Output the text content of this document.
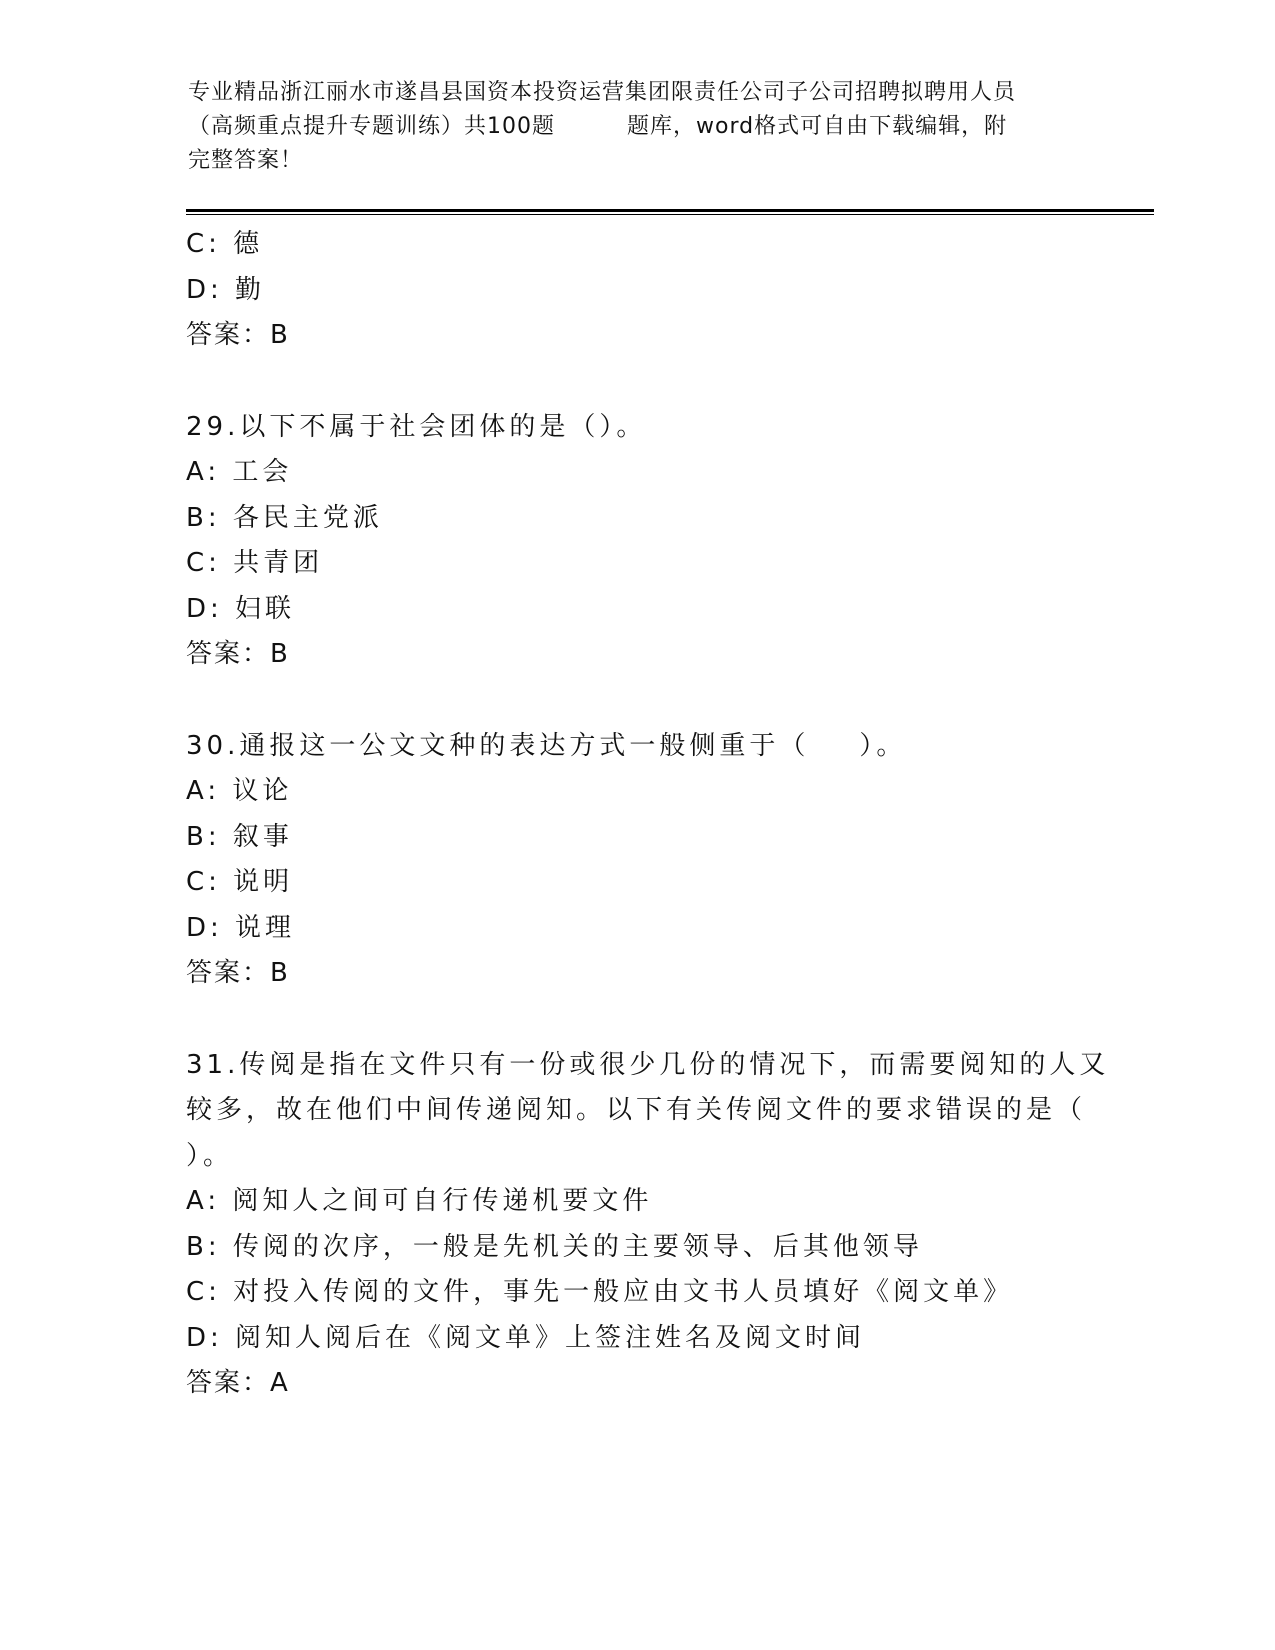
专业精品浙江丽水市遂昌县国资本投资运营集团限责任公司子公司招聘拟聘用人员
（高频重点提升专题训练）共100题	题库，word格式可自由下载编辑，附
完整答案！
C: 德
D: 勤
答案：B
29.以下不属于社会团体的是（）。
A: 工会
B: 各民主党派
C: 共青团
D: 妇联
答案：B
30.通报这一公文文种的表达方式一般侧重于（ ）。
A: 议论
B: 叙事
C: 说明
D: 说理
答案：B
31.传阅是指在文件只有一份或很少几份的情况下，而需要阅知的人又
较多，故在他们中间传递阅知。以下有关传阅文件的要求错误的是（
）。
A: 阅知人之间可自行传递机要文件
B: 传阅的次序，一般是先机关的主要领导、后其他领导
C: 对投入传阅的文件，事先一般应由文书人员填好《阅文单》
D: 阅知人阅后在《阅文单》上签注姓名及阅文时间
答案：A
